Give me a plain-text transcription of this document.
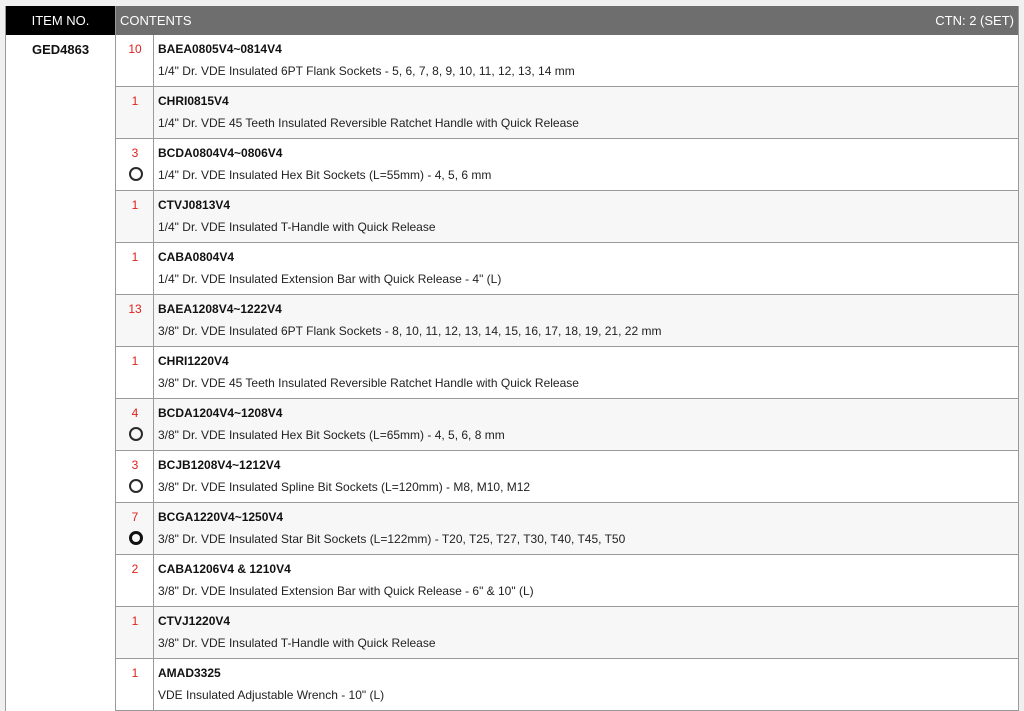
ITEM NO.	CONTENTS	CTN: 2 (SET)
GED4863	10	BAEA0805V4~0814V4
1/4" Dr. VDE Insulated 6PT Flank Sockets - 5, 6, 7, 8, 9, 10, 11, 12, 13, 14 mm
1	CHRI0815V4
1/4" Dr. VDE 45 Teeth Insulated Reversible Ratchet Handle with Quick Release
3	BCDA0804V4~0806V4
1/4" Dr. VDE Insulated Hex Bit Sockets (L=55mm) - 4, 5, 6 mm
1	CTVJ0813V4
1/4" Dr. VDE Insulated T-Handle with Quick Release
1	CABA0804V4
1/4" Dr. VDE Insulated Extension Bar with Quick Release - 4" (L)
13	BAEA1208V4~1222V4
3/8" Dr. VDE Insulated 6PT Flank Sockets - 8, 10, 11, 12, 13, 14, 15, 16, 17, 18, 19, 21, 22 mm
1	CHRI1220V4
3/8" Dr. VDE 45 Teeth Insulated Reversible Ratchet Handle with Quick Release
4	BCDA1204V4~1208V4
3/8" Dr. VDE Insulated Hex Bit Sockets (L=65mm) - 4, 5, 6, 8 mm
3	BCJB1208V4~1212V4
3/8" Dr. VDE Insulated Spline Bit Sockets (L=120mm) - M8, M10, M12
7	BCGA1220V4~1250V4
3/8" Dr. VDE Insulated Star Bit Sockets (L=122mm) - T20, T25, T27, T30, T40, T45, T50
2	CABA1206V4 & 1210V4
3/8" Dr. VDE Insulated Extension Bar with Quick Release - 6" & 10" (L)
1	CTVJ1220V4
3/8" Dr. VDE Insulated T-Handle with Quick Release
1	AMAD3325
VDE Insulated Adjustable Wrench - 10" (L)
